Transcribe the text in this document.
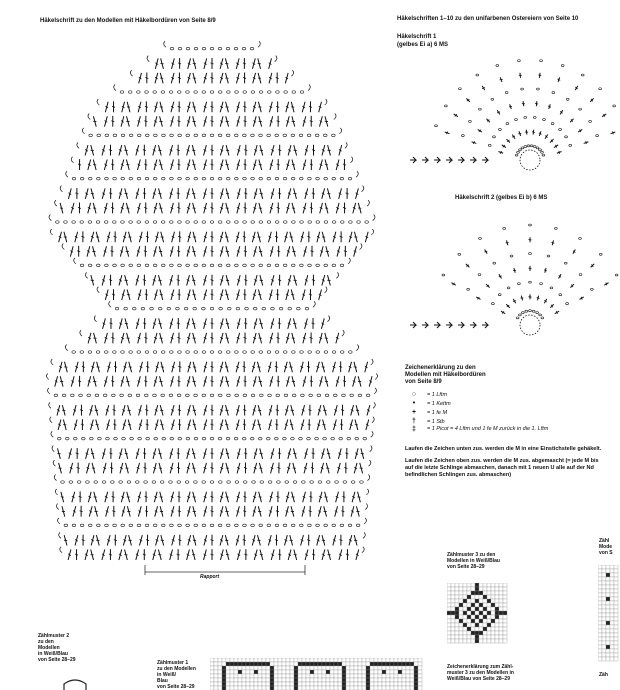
Häkelschrift zu den Modellen mit Häkelbordüren von Seite 8/9
Rapport
Häkelschriften 1–10 zu den unifarbenen Ostereiern von Seite 10
Häkelschrift 1
(gelbes Ei a) 6 MS
Häkelschrift 2 (gelbes Ei b) 6 MS
Zeichenerklärung zu den
Modellen mit Häkelbordüren
von Seite 8/9
○	= 1 Lftm
•	= 1 Kettm
+	= 1 fe M
†	= 1 Stb
‡	= 1 Picot = 4 Lftm und 1 fe M zurück in die 1. Lftm
Laufen die Zeichen unten zus. werden die M in eine Einstichstelle gehäkelt.
Laufen die Zeichen oben zus. werden die M zus. abgemascht (= jede M bis auf die letzte Schlinge abmaschen, danach mit 1 neuen U alle auf der Nd befindlichen Schlingen zus. abmaschen)
Zählmuster 3 zu den
Modellen in Weiß/Blau
von Seite 28–29
Zeichenerklärung zum Zähl-
muster 3 zu den Modellen in
Weiß/Blau von Seite 28–29
Zähl
Mode
von S
Zäh
Zählmuster 2
zu den
Modellen
in Weiß/Blau
von Seite 28–29	Zählmuster 1
zu den Modellen
in Weiß/
Blau
von Seite 28–29
